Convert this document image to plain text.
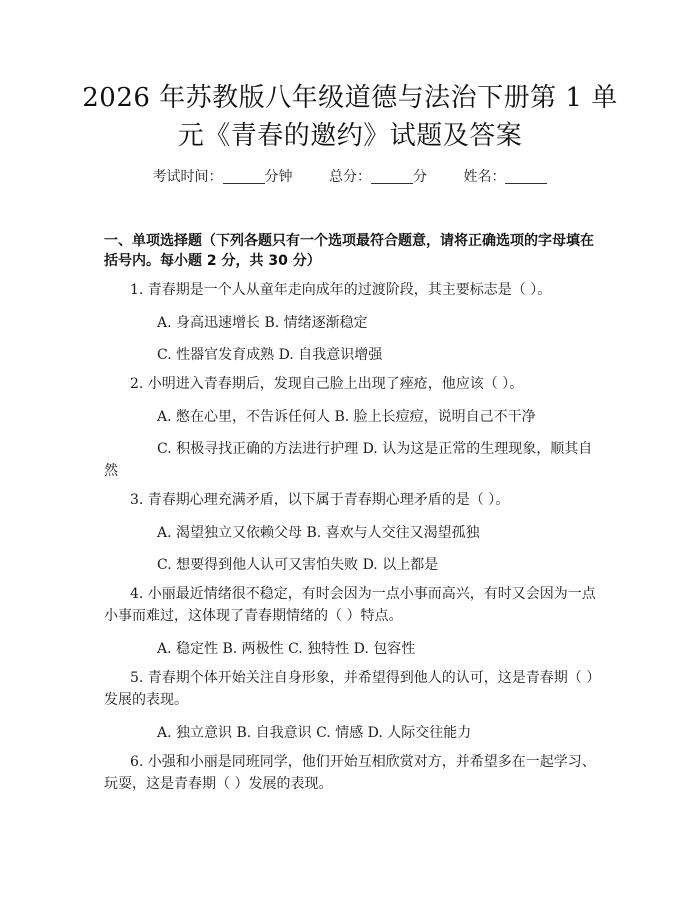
2026 年苏教版八年级道德与法治下册第 1 单
元《青春的邀约》试题及答案
考试时间：	分钟	总分：	分	姓名：
一、单项选择题（下列各题只有一个选项最符合题意，请将正确选项的字母填在
括号内。每小题 2 分，共 30 分）
1. 青春期是一个人从童年走向成年的过渡阶段，其主要标志是（ ）。
A. 身高迅速增长 B. 情绪逐渐稳定
C. 性器官发育成熟 D. 自我意识增强
2. 小明进入青春期后，发现自己脸上出现了痤疮，他应该（ ）。
A. 憋在心里，不告诉任何人 B. 脸上长痘痘，说明自己不干净
C. 积极寻找正确的方法进行护理 D. 认为这是正常的生理现象，顺其自
然
3. 青春期心理充满矛盾，以下属于青春期心理矛盾的是（ ）。
A. 渴望独立又依赖父母 B. 喜欢与人交往又渴望孤独
C. 想要得到他人认可又害怕失败 D. 以上都是
4. 小丽最近情绪很不稳定，有时会因为一点小事而高兴，有时又会因为一点
小事而难过，这体现了青春期情绪的（ ）特点。
A. 稳定性 B. 两极性 C. 独特性 D. 包容性
5. 青春期个体开始关注自身形象，并希望得到他人的认可，这是青春期（ ）
发展的表现。
A. 独立意识 B. 自我意识 C. 情感 D. 人际交往能力
6. 小强和小丽是同班同学，他们开始互相欣赏对方，并希望多在一起学习、
玩耍，这是青春期（ ）发展的表现。
